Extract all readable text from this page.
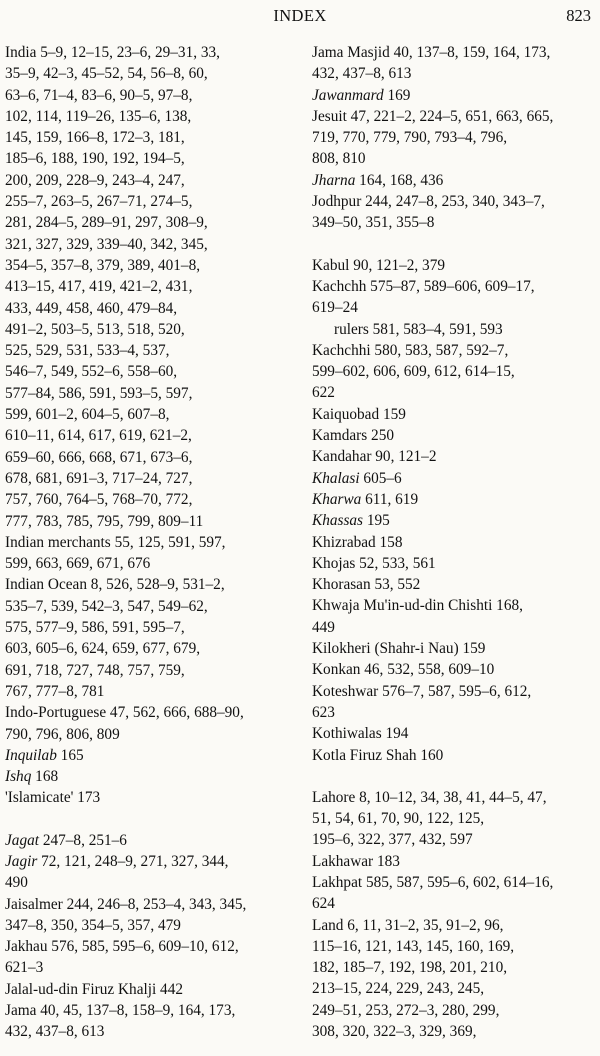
INDEX	823
India 5–9, 12–15, 23–6, 29–31, 33,
35–9, 42–3, 45–52, 54, 56–8, 60,
63–6, 71–4, 83–6, 90–5, 97–8,
102, 114, 119–26, 135–6, 138,
145, 159, 166–8, 172–3, 181,
185–6, 188, 190, 192, 194–5,
200, 209, 228–9, 243–4, 247,
255–7, 263–5, 267–71, 274–5,
281, 284–5, 289–91, 297, 308–9,
321, 327, 329, 339–40, 342, 345,
354–5, 357–8, 379, 389, 401–8,
413–15, 417, 419, 421–2, 431,
433, 449, 458, 460, 479–84,
491–2, 503–5, 513, 518, 520,
525, 529, 531, 533–4, 537,
546–7, 549, 552–6, 558–60,
577–84, 586, 591, 593–5, 597,
599, 601–2, 604–5, 607–8,
610–11, 614, 617, 619, 621–2,
659–60, 666, 668, 671, 673–6,
678, 681, 691–3, 717–24, 727,
757, 760, 764–5, 768–70, 772,
777, 783, 785, 795, 799, 809–11
Indian merchants 55, 125, 591, 597,
599, 663, 669, 671, 676
Indian Ocean 8, 526, 528–9, 531–2,
535–7, 539, 542–3, 547, 549–62,
575, 577–9, 586, 591, 595–7,
603, 605–6, 624, 659, 677, 679,
691, 718, 727, 748, 757, 759,
767, 777–8, 781
Indo-Portuguese 47, 562, 666, 688–90,
790, 796, 806, 809
Inquilab 165
Ishq 168
'Islamicate' 173
Jagat 247–8, 251–6
Jagir 72, 121, 248–9, 271, 327, 344,
490
Jaisalmer 244, 246–8, 253–4, 343, 345,
347–8, 350, 354–5, 357, 479
Jakhau 576, 585, 595–6, 609–10, 612,
621–3
Jalal-ud-din Firuz Khalji 442
Jama 40, 45, 137–8, 158–9, 164, 173,
432, 437–8, 613
Jama Masjid 40, 137–8, 159, 164, 173,
432, 437–8, 613
Jawanmard 169
Jesuit 47, 221–2, 224–5, 651, 663, 665,
719, 770, 779, 790, 793–4, 796,
808, 810
Jharna 164, 168, 436
Jodhpur 244, 247–8, 253, 340, 343–7,
349–50, 351, 355–8
Kabul 90, 121–2, 379
Kachchh 575–87, 589–606, 609–17,
619–24
rulers 581, 583–4, 591, 593
Kachchhi 580, 583, 587, 592–7,
599–602, 606, 609, 612, 614–15,
622
Kaiquobad 159
Kamdars 250
Kandahar 90, 121–2
Khalasi 605–6
Kharwa 611, 619
Khassas 195
Khizrabad 158
Khojas 52, 533, 561
Khorasan 53, 552
Khwaja Mu'in-ud-din Chishti 168,
449
Kilokheri (Shahr-i Nau) 159
Konkan 46, 532, 558, 609–10
Koteshwar 576–7, 587, 595–6, 612,
623
Kothiwalas 194
Kotla Firuz Shah 160
Lahore 8, 10–12, 34, 38, 41, 44–5, 47,
51, 54, 61, 70, 90, 122, 125,
195–6, 322, 377, 432, 597
Lakhawar 183
Lakhpat 585, 587, 595–6, 602, 614–16,
624
Land 6, 11, 31–2, 35, 91–2, 96,
115–16, 121, 143, 145, 160, 169,
182, 185–7, 192, 198, 201, 210,
213–15, 224, 229, 243, 245,
249–51, 253, 272–3, 280, 299,
308, 320, 322–3, 329, 369,
